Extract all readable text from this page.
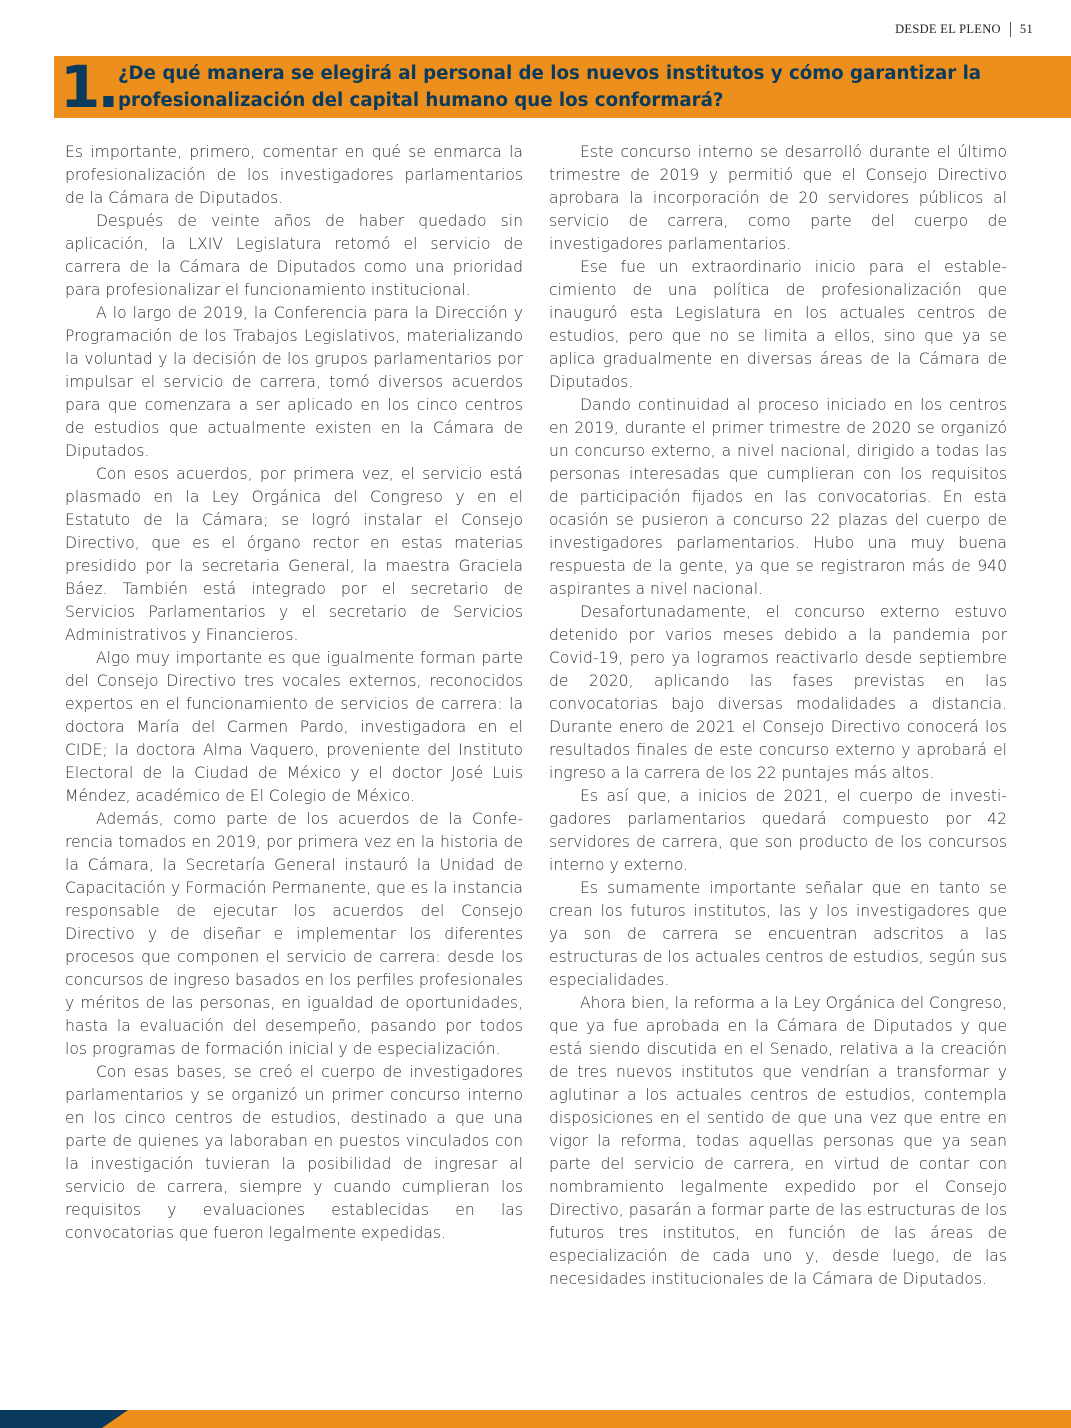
DESDE EL PLENO 51
1. ¿De qué manera se elegirá al personal de los nuevos institutos y cómo garantizar la profesionalización del capital humano que los conformará?

Es importante, primero, comentar en qué se enmarca la profesionalización de los investigadores parlamentarios de la Cámara de Diputados.

Después de veinte años de haber quedado sin aplicación, la LXIV Legislatura retomó el servicio de carrera de la Cámara de Diputados como una prioridad para profesionalizar el funcionamiento institucional.

A lo largo de 2019, la Conferencia para la Dirección y Programación de los Trabajos Legislativos, materializando la voluntad y la decisión de los grupos parlamentarios por impulsar el servicio de carrera, tomó diversos acuerdos para que comenzara a ser aplicado en los cinco centros de estudios que actualmente existen en la Cámara de Diputados.

Con esos acuerdos, por primera vez, el servicio está plasmado en la Ley Orgánica del Congreso y en el Estatuto de la Cámara; se logró instalar el Consejo Directivo, que es el órgano rector en estas materias presidido por la secretaria General, la maestra Graciela Báez. También está integrado por el secretario de Servicios Parlamentarios y el secretario de Servicios Administrativos y Financieros.

Algo muy importante es que igualmente forman parte del Consejo Directivo tres vocales externos, reconocidos expertos en el funcionamiento de servicios de carrera: la doctora María del Carmen Pardo, investigadora en el CIDE; la doctora Alma Vaquero, proveniente del Instituto Electoral de la Ciudad de México y el doctor José Luis Méndez, académico de El Colegio de México.

Además, como parte de los acuerdos de la Conferencia tomados en 2019, por primera vez en la historia de la Cámara, la Secretaría General instauró la Unidad de Capacitación y Formación Permanente, que es la instancia responsable de ejecutar los acuerdos del Consejo Directivo y de diseñar e implementar los diferentes procesos que componen el servicio de carrera: desde los concursos de ingreso basados en los perfiles profesionales y méritos de las personas, en igualdad de oportunidades, hasta la evaluación del desempeño, pasando por todos los programas de formación inicial y de especialización.

Con esas bases, se creó el cuerpo de investigadores parlamentarios y se organizó un primer concurso interno en los cinco centros de estudios, destinado a que una parte de quienes ya laboraban en puestos vinculados con la investigación tuvieran la posibilidad de ingresar al servicio de carrera, siempre y cuando cumplieran los requisitos y evaluaciones establecidas en las convocatorias que fueron legalmente expedidas.

Este concurso interno se desarrolló durante el último trimestre de 2019 y permitió que el Consejo Directivo aprobara la incorporación de 20 servidores públicos al servicio de carrera, como parte del cuerpo de investigadores parlamentarios.

Ese fue un extraordinario inicio para el establecimiento de una política de profesionalización que inauguró esta Legislatura en los actuales centros de estudios, pero que no se limita a ellos, sino que ya se aplica gradualmente en diversas áreas de la Cámara de Diputados.

Dando continuidad al proceso iniciado en los centros en 2019, durante el primer trimestre de 2020 se organizó un concurso externo, a nivel nacional, dirigido a todas las personas interesadas que cumplieran con los requisitos de participación fijados en las convocatorias. En esta ocasión se pusieron a concurso 22 plazas del cuerpo de investigadores parlamentarios. Hubo una muy buena respuesta de la gente, ya que se registraron más de 940 aspirantes a nivel nacional.

Desafortunadamente, el concurso externo estuvo detenido por varios meses debido a la pandemia por Covid-19, pero ya logramos reactivarlo desde septiembre de 2020, aplicando las fases previstas en las convocatorias bajo diversas modalidades a distancia. Durante enero de 2021 el Consejo Directivo conocerá los resultados finales de este concurso externo y aprobará el ingreso a la carrera de los 22 puntajes más altos.

Es así que, a inicios de 2021, el cuerpo de investigadores parlamentarios quedará compuesto por 42 servidores de carrera, que son producto de los concursos interno y externo.

Es sumamente importante señalar que en tanto se crean los futuros institutos, las y los investigadores que ya son de carrera se encuentran adscritos a las estructuras de los actuales centros de estudios, según sus especialidades.

Ahora bien, la reforma a la Ley Orgánica del Congreso, que ya fue aprobada en la Cámara de Diputados y que está siendo discutida en el Senado, relativa a la creación de tres nuevos institutos que vendrían a transformar y aglutinar a los actuales centros de estudios, contempla disposiciones en el sentido de que una vez que entre en vigor la reforma, todas aquellas personas que ya sean parte del servicio de carrera, en virtud de contar con nombramiento legalmente expedido por el Consejo Directivo, pasarán a formar parte de las estructuras de los futuros tres institutos, en función de las áreas de especialización de cada uno y, desde luego, de las necesidades institucionales de la Cámara de Diputados.
